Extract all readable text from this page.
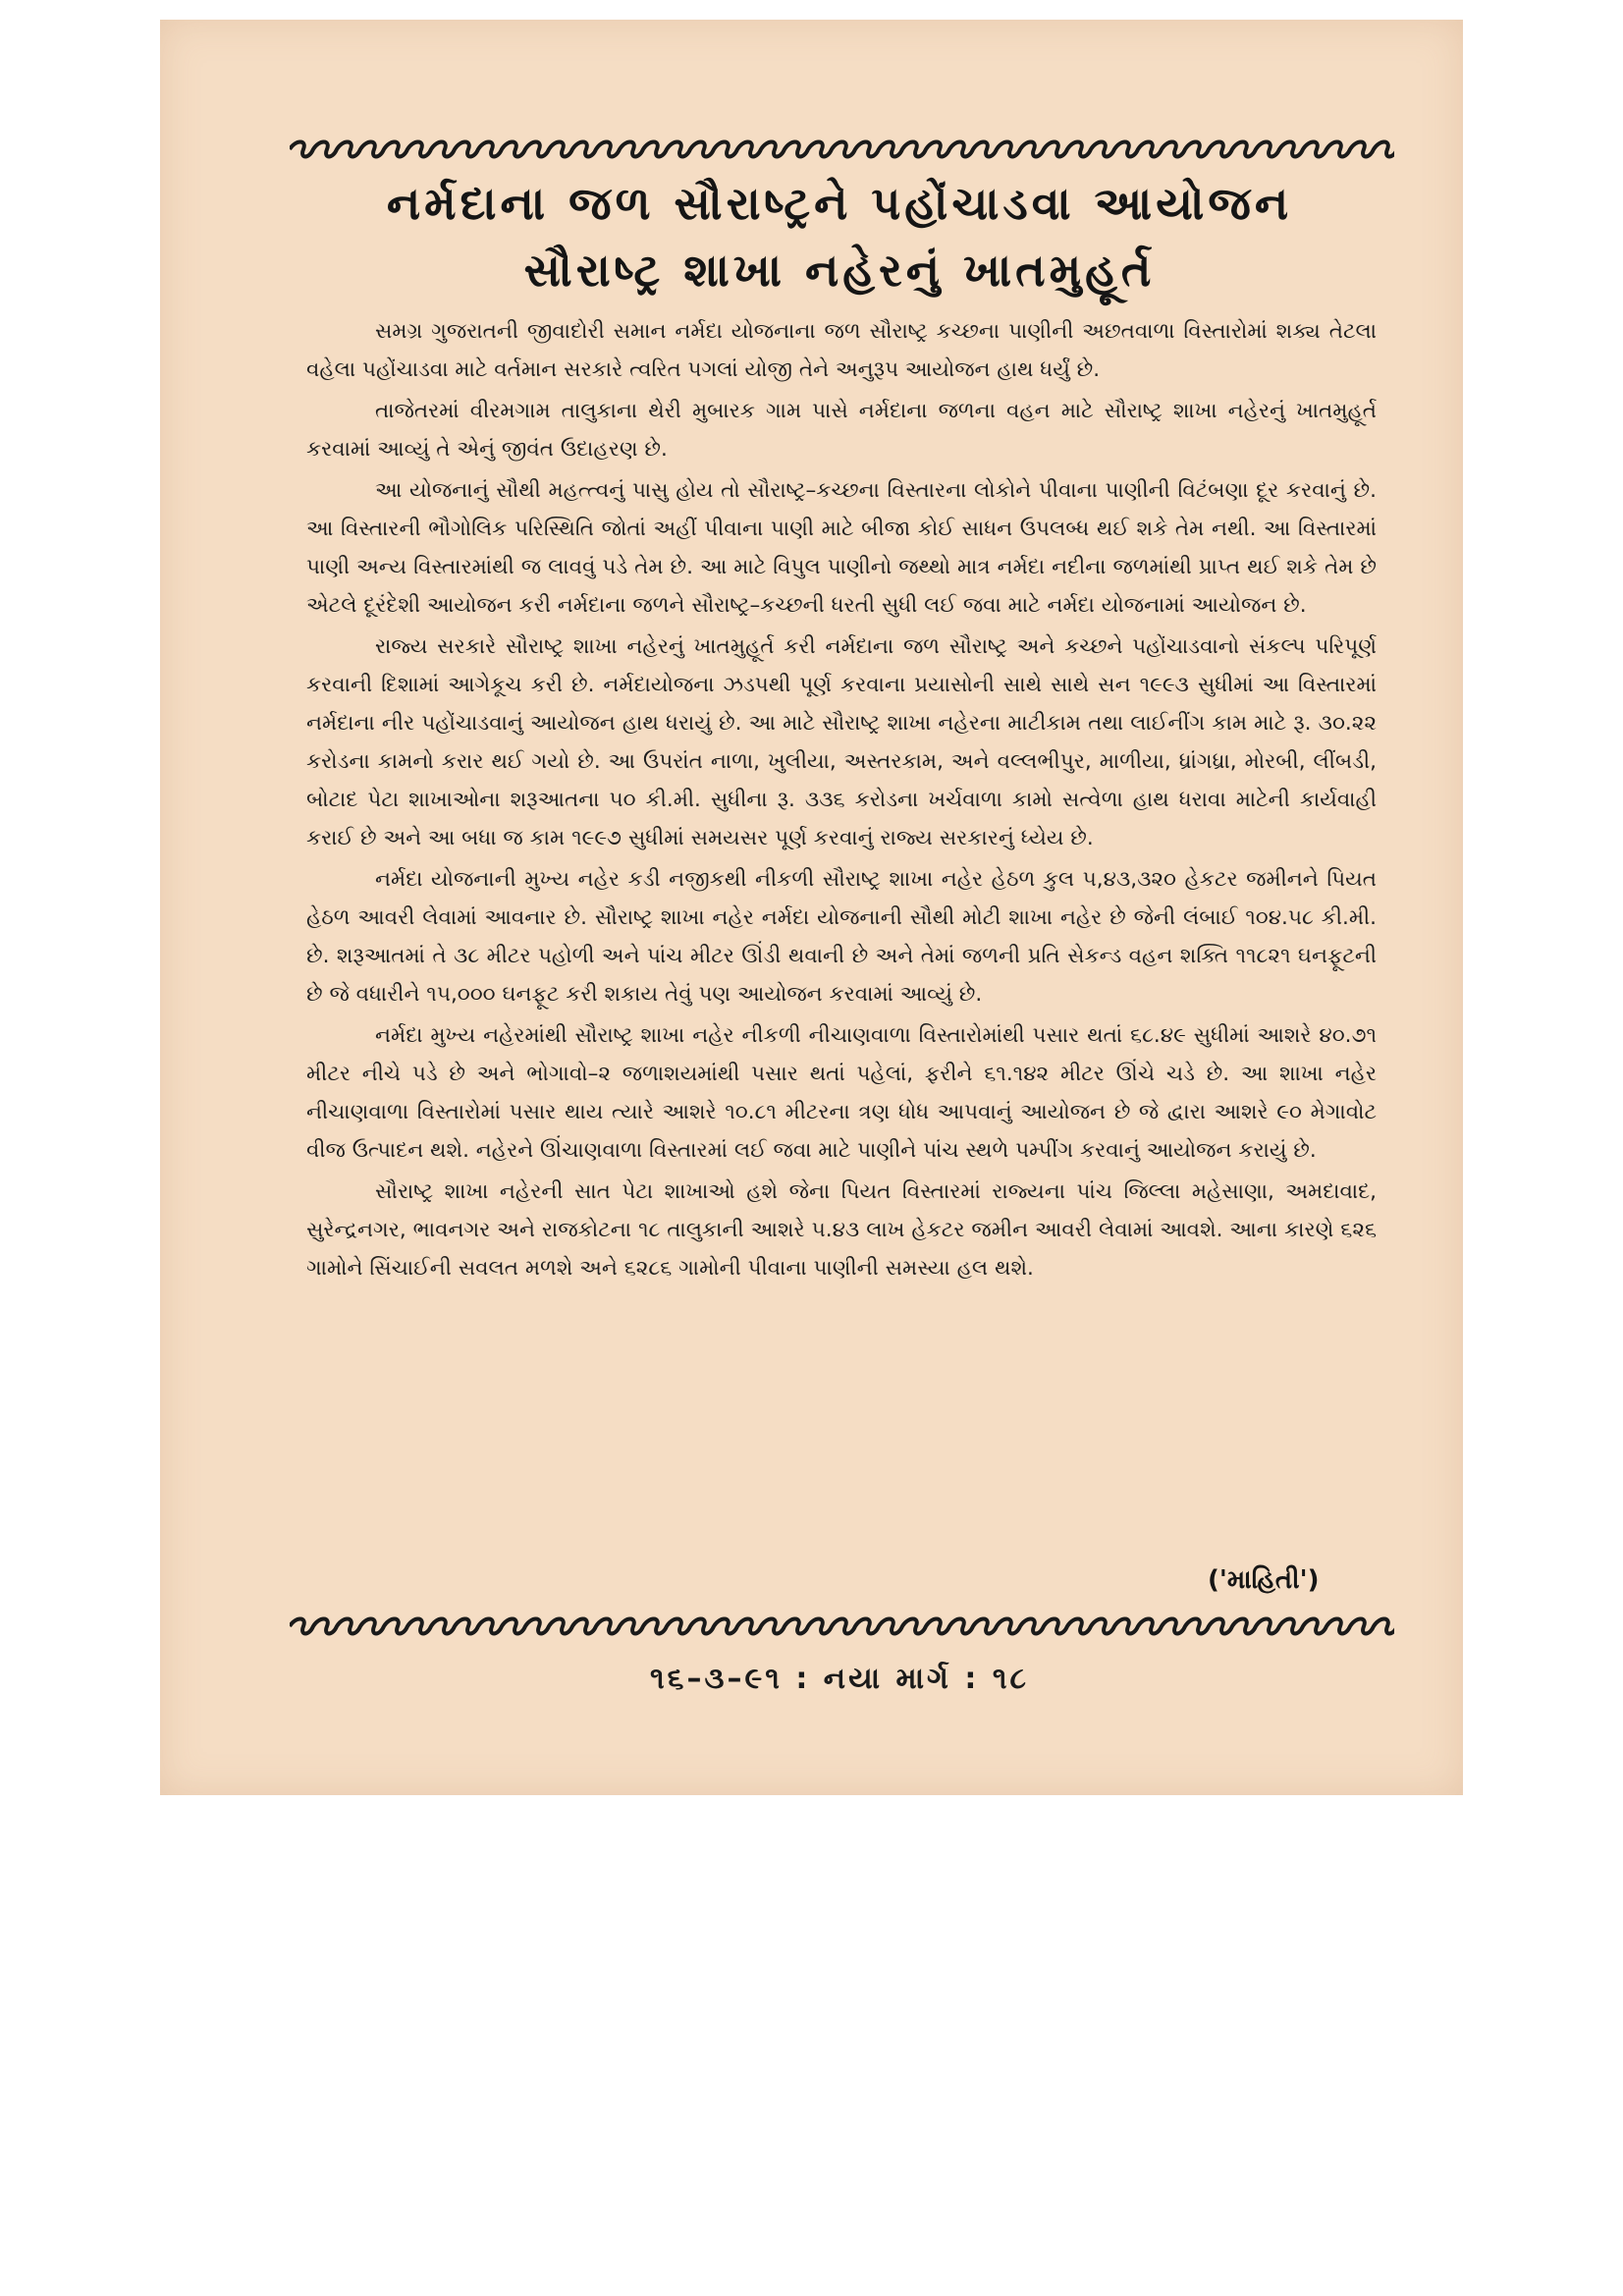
નર્મદાના જળ સૌરાષ્ટ્રને પહોંચાડવા આયોજન
સૌરાષ્ટ્ર શાખા નહેરનું ખાતમુહૂર્ત

સમગ્ર ગુજરાતની જીવાદોરી સમાન નર્મદા યોજનાના જળ સૌરાષ્ટ્ર કચ્છના પાણીની અછતવાળા વિસ્તારોમાં શક્ય તેટલા વહેલા પહોંચાડવા માટે વર્તમાન સરકારે ત્વરિત પગલાં યોજી તેને અનુરૂપ આયોજન હાથ ધર્યું છે.

તાજેતરમાં વીરમગામ તાલુકાના થેરી મુબારક ગામ પાસે નર્મદાના જળના વહન માટે સૌરાષ્ટ્ર શાખા નહેરનું ખાતમુહૂર્ત કરવામાં આવ્યું તે એનું જીવંત ઉદાહરણ છે.

આ યોજનાનું સૌથી મહત્ત્વનું પાસુ હોય તો સૌરાષ્ટ્ર–કચ્છના વિસ્તારના લોકોને પીવાના પાણીની વિટંબણા દૂર કરવાનું છે. આ વિસ્તારની ભૌગોલિક પરિસ્થિતિ જોતાં અહીં પીવાના પાણી માટે બીજા કોઈ સાધન ઉપલબ્ધ થઈ શકે તેમ નથી. આ વિસ્તારમાં પાણી અન્ય વિસ્તારમાંથી જ લાવવું પડે તેમ છે. આ માટે વિપુલ પાણીનો જથ્થો માત્ર નર્મદા નદીના જળમાંથી પ્રાપ્ત થઈ શકે તેમ છે એટલે દૂરંદેશી આયોજન કરી નર્મદાના જળને સૌરાષ્ટ્ર–કચ્છની ધરતી સુધી લઈ જવા માટે નર્મદા યોજનામાં આયોજન છે.

રાજ્ય સરકારે સૌરાષ્ટ્ર શાખા નહેરનું ખાતમુહૂર્ત કરી નર્મદાના જળ સૌરાષ્ટ્ર અને કચ્છને પહોંચાડવાનો સંકલ્પ પરિપૂર્ણ કરવાની દિશામાં આગેકૂચ કરી છે. નર્મદાયોજના ઝડપથી પૂર્ણ કરવાના પ્રયાસોની સાથે સાથે સન ૧૯૯૩ સુધીમાં આ વિસ્તારમાં નર્મદાના નીર પહોંચાડવાનું આયોજન હાથ ધરાયું છે. આ માટે સૌરાષ્ટ્ર શાખા નહેરના માટીકામ તથા લાઈનીંગ કામ માટે રૂ. ૩૦.૨૨ કરોડના કામનો કરાર થઈ ગયો છે. આ ઉપરાંત નાળા, ખુલીયા, અસ્તરકામ, અને વલ્લભીપુર, માળીયા, ધ્રાંગધ્રા, મોરબી, લીંબડી, બોટાદ પેટા શાખાઓના શરૂઆતના ૫૦ કી.મી. સુધીના રૂ. ૩૩૬ કરોડના ખર્ચવાળા કામો સત્વેળા હાથ ધરાવા માટેની કાર્યવાહી કરાઈ છે અને આ બધા જ કામ ૧૯૯૭ સુધીમાં સમયસર પૂર્ણ કરવાનું રાજ્ય સરકારનું ધ્યેય છે.

નર્મદા યોજનાની મુખ્ય નહેર કડી નજીકથી નીકળી સૌરાષ્ટ્ર શાખા નહેર હેઠળ કુલ ૫,૪૩,૩૨૦ હેકટર જમીનને પિયત હેઠળ આવરી લેવામાં આવનાર છે. સૌરાષ્ટ્ર શાખા નહેર નર્મદા યોજનાની સૌથી મોટી શાખા નહેર છે જેની લંબાઈ ૧૦૪.૫૮ કી.મી. છે. શરૂઆતમાં તે ૩૮ મીટર પહોળી અને પાંચ મીટર ઊંડી થવાની છે અને તેમાં જળની પ્રતિ સેકન્ડ વહન શક્તિ ૧૧૮૨૧ ઘનફૂટની છે જે વધારીને ૧૫,૦૦૦ ઘનફૂટ કરી શકાય તેવું પણ આયોજન કરવામાં આવ્યું છે.

નર્મદા મુખ્ય નહેરમાંથી સૌરાષ્ટ્ર શાખા નહેર નીકળી નીચાણવાળા વિસ્તારોમાંથી પસાર થતાં ૬૮.૪૯ સુધીમાં આશરે ૪૦.૭૧ મીટર નીચે પડે છે અને ભોગાવો–૨ જળાશયમાંથી પસાર થતાં પહેલાં, ફરીને ૬૧.૧૪૨ મીટર ઊંચે ચડે છે. આ શાખા નહેર નીચાણવાળા વિસ્તારોમાં પસાર થાય ત્યારે આશરે ૧૦.૮૧ મીટરના ત્રણ ધોધ આપવાનું આયોજન છે જે દ્વારા આશરે ૯૦ મેગાવોટ વીજ ઉત્પાદન થશે. નહેરને ઊંચાણવાળા વિસ્તારમાં લઈ જવા માટે પાણીને પાંચ સ્થળે પમ્પીંગ કરવાનું આયોજન કરાયું છે.

સૌરાષ્ટ્ર શાખા નહેરની સાત પેટા શાખાઓ હશે જેના પિયત વિસ્તારમાં રાજ્યના પાંચ જિલ્લા મહેસાણા, અમદાવાદ, સુરેન્દ્રનગર, ભાવનગર અને રાજકોટના ૧૮ તાલુકાની આશરે ૫.૪૩ લાખ હેકટર જમીન આવરી લેવામાં આવશે. આના કારણે ૬૨૬ ગામોને સિંચાઈની સવલત મળશે અને ૬૨૮૬ ગામોની પીવાના પાણીની સમસ્યા હલ થશે.

('માહિતી')
૧૬–૩–૯૧ : નયા માર્ગ : ૧૮
